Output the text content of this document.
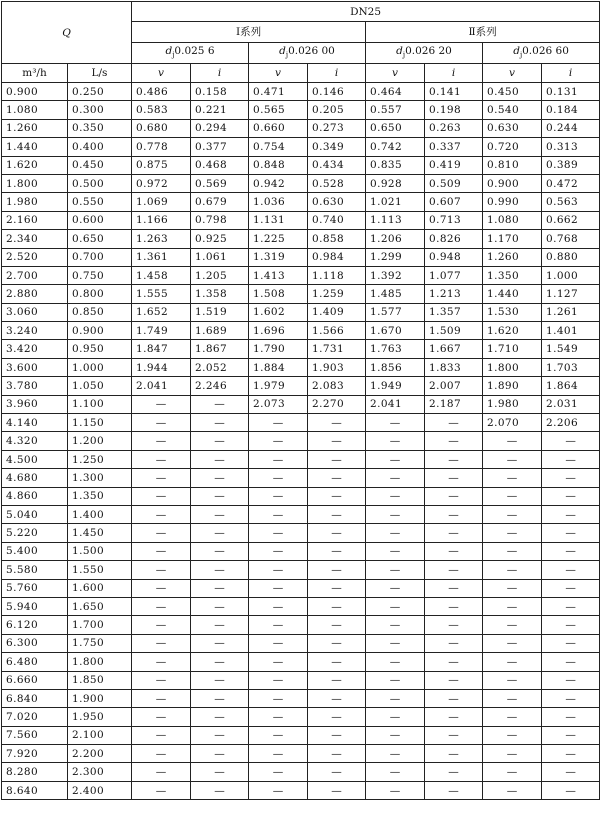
Q		DN25							
		Ⅰ系列				Ⅱ系列			
		$d_j0.025$ 6		$d_j0.026$ 00		$d_j0.026$ 20		$d_j0.026$ 60	
m³/h	L/s	v	i	v	i	v	i	v	i
0.900	0.250	0.486	0.158	0.471	0.146	0.464	0.141	0.450	0.131
1.080	0.300	0.583	0.221	0.565	0.205	0.557	0.198	0.540	0.184
1.260	0.350	0.680	0.294	0.660	0.273	0.650	0.263	0.630	0.244
1.440	0.400	0.778	0.377	0.754	0.349	0.742	0.337	0.720	0.313
1.620	0.450	0.875	0.468	0.848	0.434	0.835	0.419	0.810	0.389
1.800	0.500	0.972	0.569	0.942	0.528	0.928	0.509	0.900	0.472
1.980	0.550	1.069	0.679	1.036	0.630	1.021	0.607	0.990	0.563
2.160	0.600	1.166	0.798	1.131	0.740	1.113	0.713	1.080	0.662
2.340	0.650	1.263	0.925	1.225	0.858	1.206	0.826	1.170	0.768
2.520	0.700	1.361	1.061	1.319	0.984	1.299	0.948	1.260	0.880
2.700	0.750	1.458	1.205	1.413	1.118	1.392	1.077	1.350	1.000
2.880	0.800	1.555	1.358	1.508	1.259	1.485	1.213	1.440	1.127
3.060	0.850	1.652	1.519	1.602	1.409	1.577	1.357	1.530	1.261
3.240	0.900	1.749	1.689	1.696	1.566	1.670	1.509	1.620	1.401
3.420	0.950	1.847	1.867	1.790	1.731	1.763	1.667	1.710	1.549
3.600	1.000	1.944	2.052	1.884	1.903	1.856	1.833	1.800	1.703
3.780	1.050	2.041	2.246	1.979	2.083	1.949	2.007	1.890	1.864
3.960	1.100	—	—	2.073	2.270	2.041	2.187	1.980	2.031
4.140	1.150	—	—	—	—	—	—	2.070	2.206
4.320	1.200	—	—	—	—	—	—	—	—
4.500	1.250	—	—	—	—	—	—	—	—
4.680	1.300	—	—	—	—	—	—	—	—
4.860	1.350	—	—	—	—	—	—	—	—
5.040	1.400	—	—	—	—	—	—	—	—
5.220	1.450	—	—	—	—	—	—	—	—
5.400	1.500	—	—	—	—	—	—	—	—
5.580	1.550	—	—	—	—	—	—	—	—
5.760	1.600	—	—	—	—	—	—	—	—
5.940	1.650	—	—	—	—	—	—	—	—
6.120	1.700	—	—	—	—	—	—	—	—
6.300	1.750	—	—	—	—	—	—	—	—
6.480	1.800	—	—	—	—	—	—	—	—
6.660	1.850	—	—	—	—	—	—	—	—
6.840	1.900	—	—	—	—	—	—	—	—
7.020	1.950	—	—	—	—	—	—	—	—
7.560	2.100	—	—	—	—	—	—	—	—
7.920	2.200	—	—	—	—	—	—	—	—
8.280	2.300	—	—	—	—	—	—	—	—
8.640	2.400	—	—	—	—	—	—	—	—
